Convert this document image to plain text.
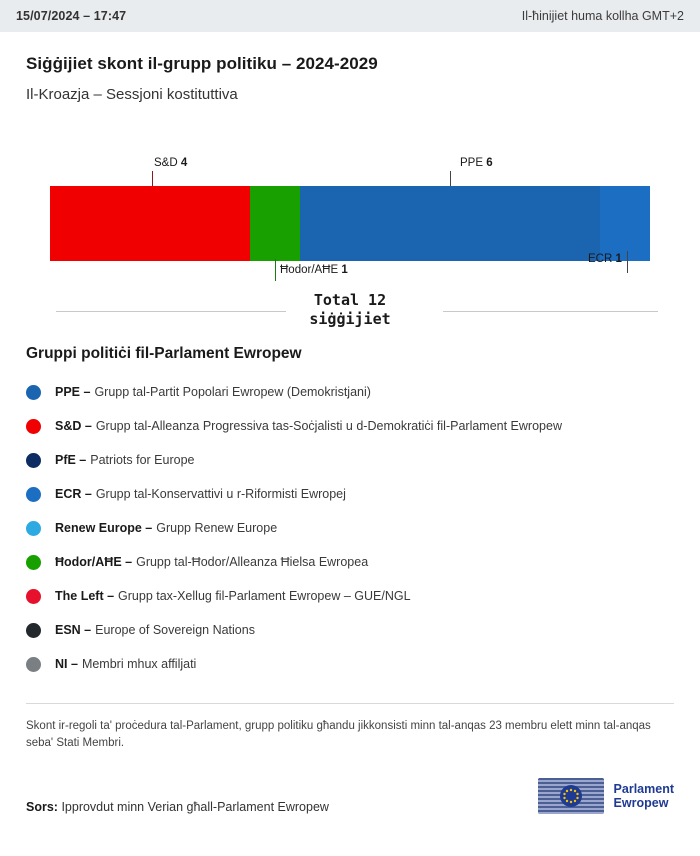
15/07/2024 – 17:47	Il-ħinijiet huma kollha GMT+2
Siġġijiet skont il-grupp politiku – 2024-2029
Il-Kroazja – Sessjoni kostituttiva
S&D 4	PPE 6
Ħodor/AĦE 1
ECR 1
Total 12
siġġijiet
Gruppi politiċi fil-Parlament Ewropew
PPE – Grupp tal-Partit Popolari Ewropew (Demokristjani)
S&D – Grupp tal-Alleanza Progressiva tas-Soċjalisti u d-Demokratiċi fil-Parlament Ewropew
PfE – Patriots for Europe
ECR – Grupp tal-Konservattivi u r-Riformisti Ewropej
Renew Europe – Grupp Renew Europe
Ħodor/AĦE – Grupp tal-Ħodor/Alleanza Ħielsa Ewropea
The Left – Grupp tax-Xellug fil-Parlament Ewropew – GUE/NGL
ESN – Europe of Sovereign Nations
NI – Membri mhux affiljati
Skont ir-regoli ta' proċedura tal-Parlament, grupp politiku għandu jikkonsisti minn tal-anqas 23 membru elett minn tal-anqas seba' Stati Membri.
Sors: Ipprovdut minn Verian għall-Parlament Ewropew
Parlament
Ewropew
